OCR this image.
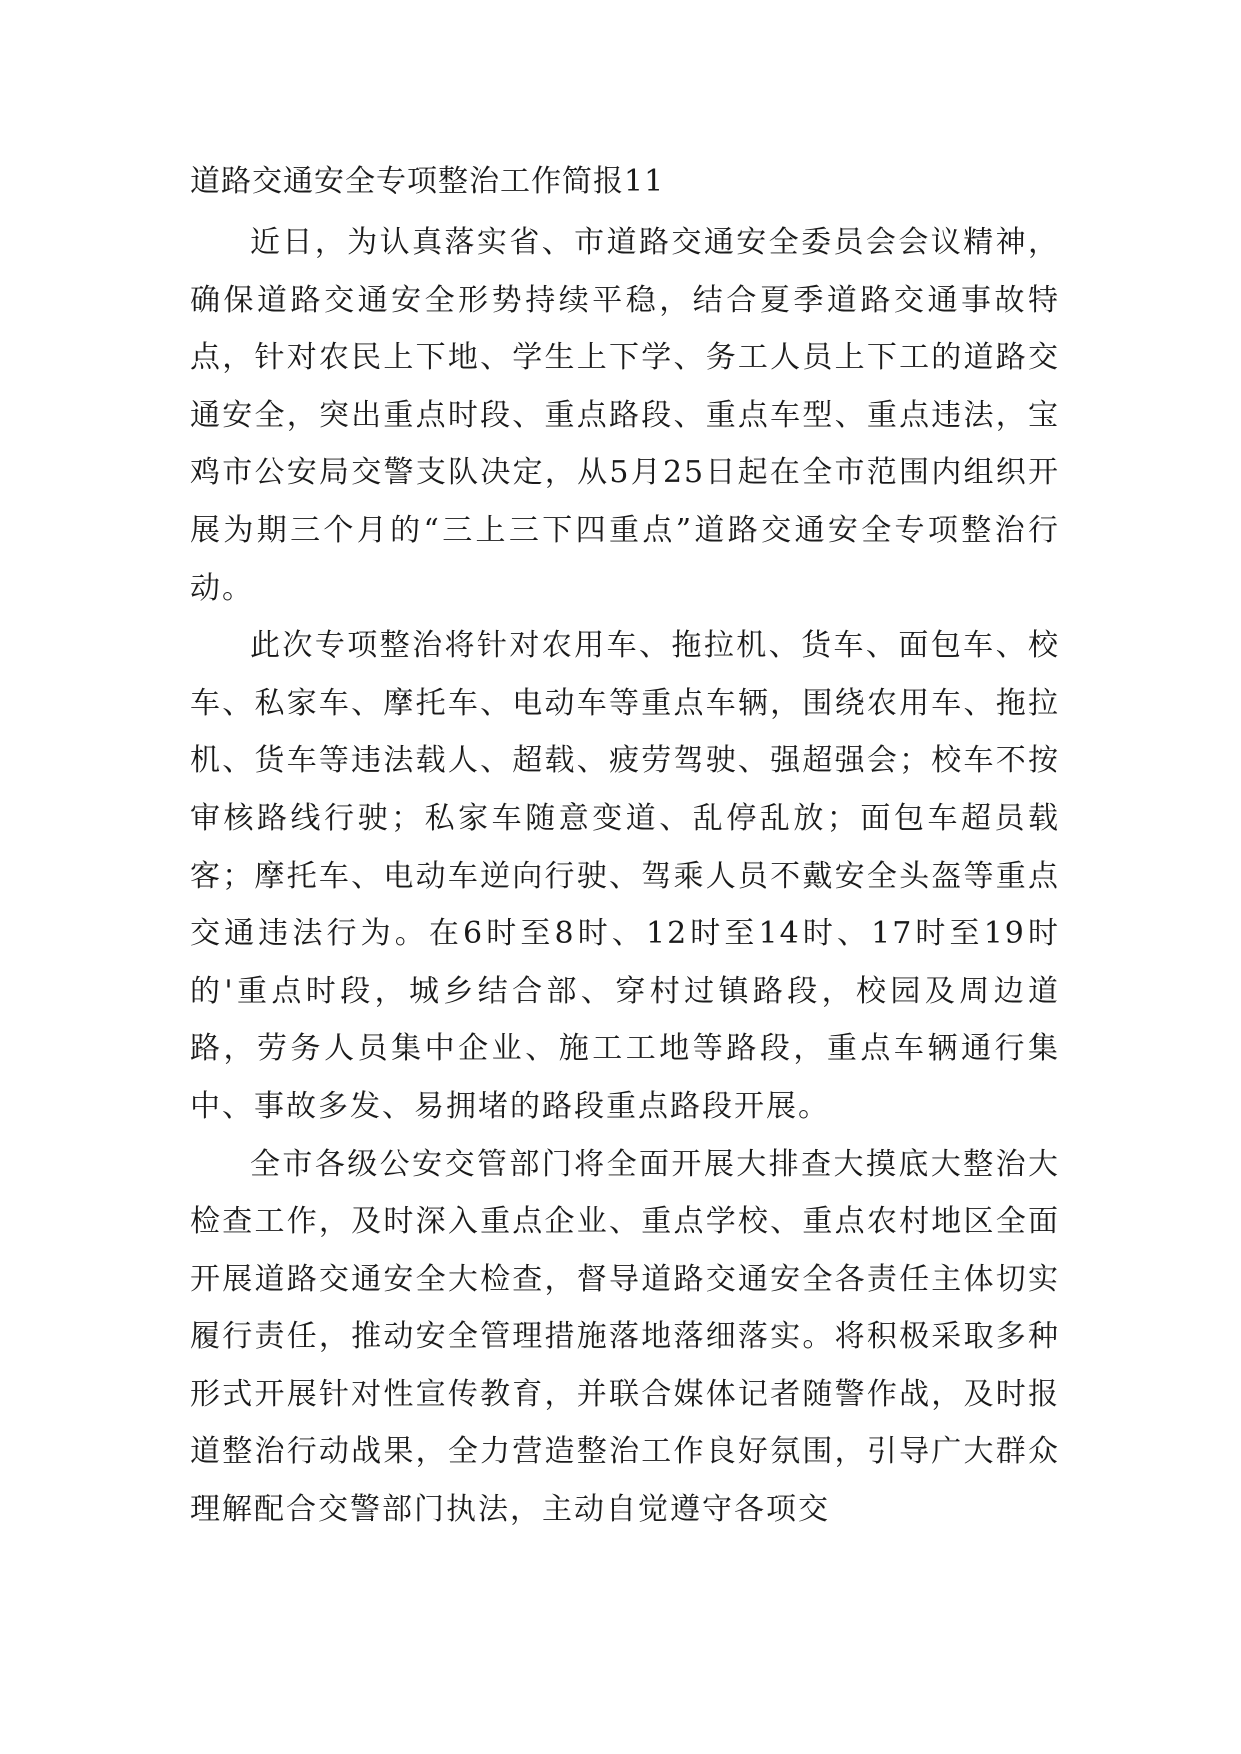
道路交通安全专项整治工作简报11

近日，为认真落实省、市道路交通安全委员会会议精神，确保道路交通安全形势持续平稳，结合夏季道路交通事故特点，针对农民上下地、学生上下学、务工人员上下工的道路交通安全，突出重点时段、重点路段、重点车型、重点违法，宝鸡市公安局交警支队决定，从5月25日起在全市范围内组织开展为期三个月的“三上三下四重点”道路交通安全专项整治行动。

此次专项整治将针对农用车、拖拉机、货车、面包车、校车、私家车、摩托车、电动车等重点车辆，围绕农用车、拖拉机、货车等违法载人、超载、疲劳驾驶、强超强会；校车不按审核路线行驶；私家车随意变道、乱停乱放；面包车超员载客；摩托车、电动车逆向行驶、驾乘人员不戴安全头盔等重点交通违法行为。在6时至8时、12时至14时、17时至19时的'重点时段，城乡结合部、穿村过镇路段，校园及周边道路，劳务人员集中企业、施工工地等路段，重点车辆通行集中、事故多发、易拥堵的路段重点路段开展。

全市各级公安交管部门将全面开展大排查大摸底大整治大检查工作，及时深入重点企业、重点学校、重点农村地区全面开展道路交通安全大检查，督导道路交通安全各责任主体切实履行责任，推动安全管理措施落地落细落实。将积极采取多种形式开展针对性宣传教育，并联合媒体记者随警作战，及时报道整治行动战果，全力营造整治工作良好氛围，引导广大群众理解配合交警部门执法，主动自觉遵守各项交
